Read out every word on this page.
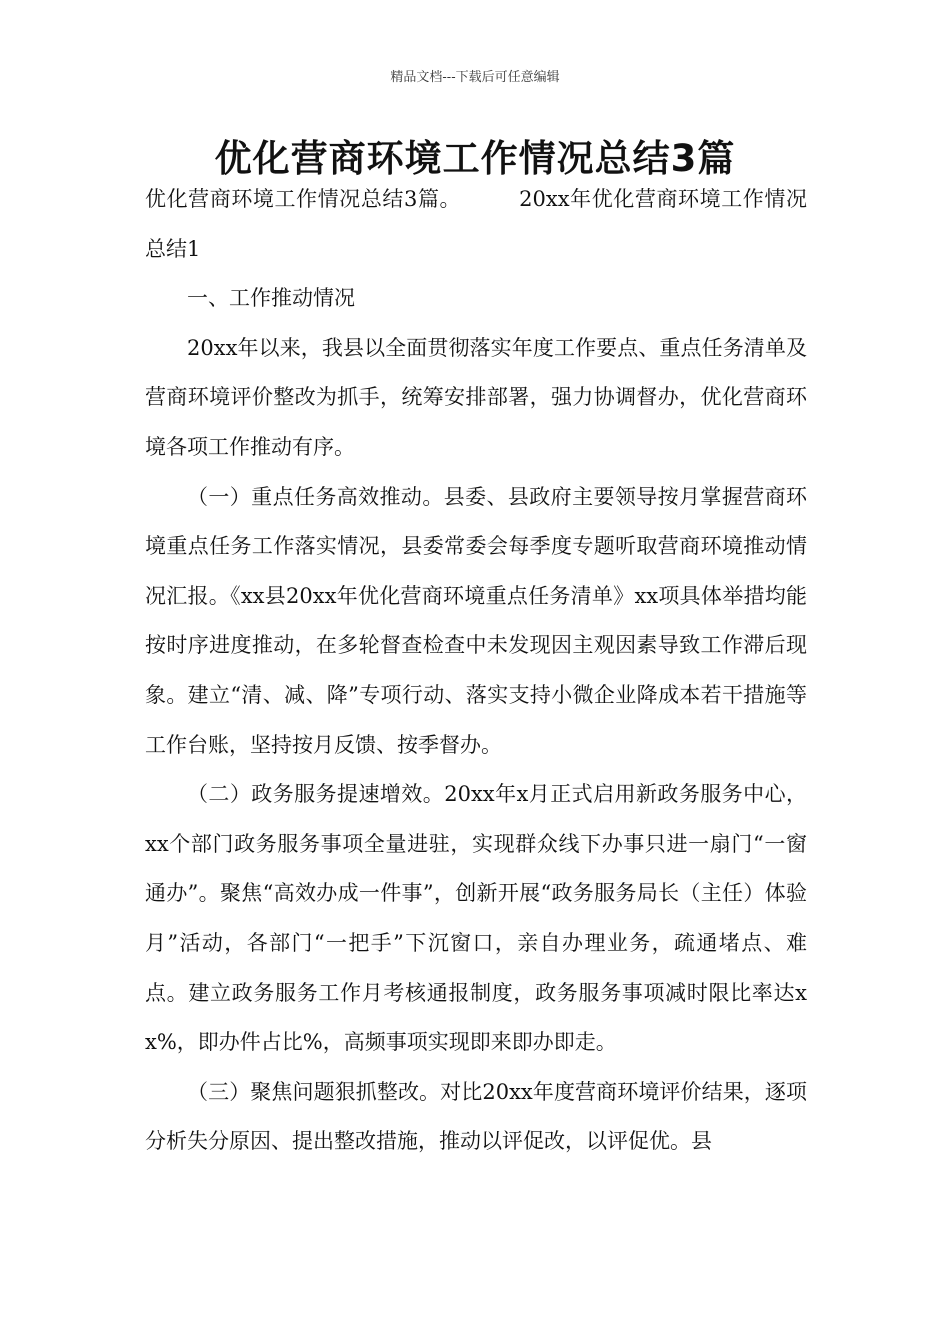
精品文档---下载后可任意编辑
优化营商环境工作情况总结3篇

优化营商环境工作情况总结3篇。	20xx年优化营商环境工作情况总结1

一、工作推动情况

20xx年以来，我县以全面贯彻落实年度工作要点、重点任务清单及营商环境评价整改为抓手，统筹安排部署，强力协调督办，优化营商环境各项工作推动有序。

（一）重点任务高效推动。县委、县政府主要领导按月掌握营商环境重点任务工作落实情况，县委常委会每季度专题听取营商环境推动情况汇报。《xx县20xx年优化营商环境重点任务清单》xx项具体举措均能按时序进度推动，在多轮督查检查中未发现因主观因素导致工作滞后现象。建立“清、减、降”专项行动、落实支持小微企业降成本若干措施等工作台账，坚持按月反馈、按季督办。

（二）政务服务提速增效。20xx年x月正式启用新政务服务中心，xx个部门政务服务事项全量进驻，实现群众线下办事只进一扇门“一窗通办”。聚焦“高效办成一件事”，创新开展“政务服务局长（主任）体验月”活动，各部门“一把手”下沉窗口，亲自办理业务，疏通堵点、难点。建立政务服务工作月考核通报制度，政务服务事项减时限比率达xx%，即办件占比%，高频事项实现即来即办即走。

（三）聚焦问题狠抓整改。对比20xx年度营商环境评价结果，逐项分析失分原因、提出整改措施，推动以评促改，以评促优。县
